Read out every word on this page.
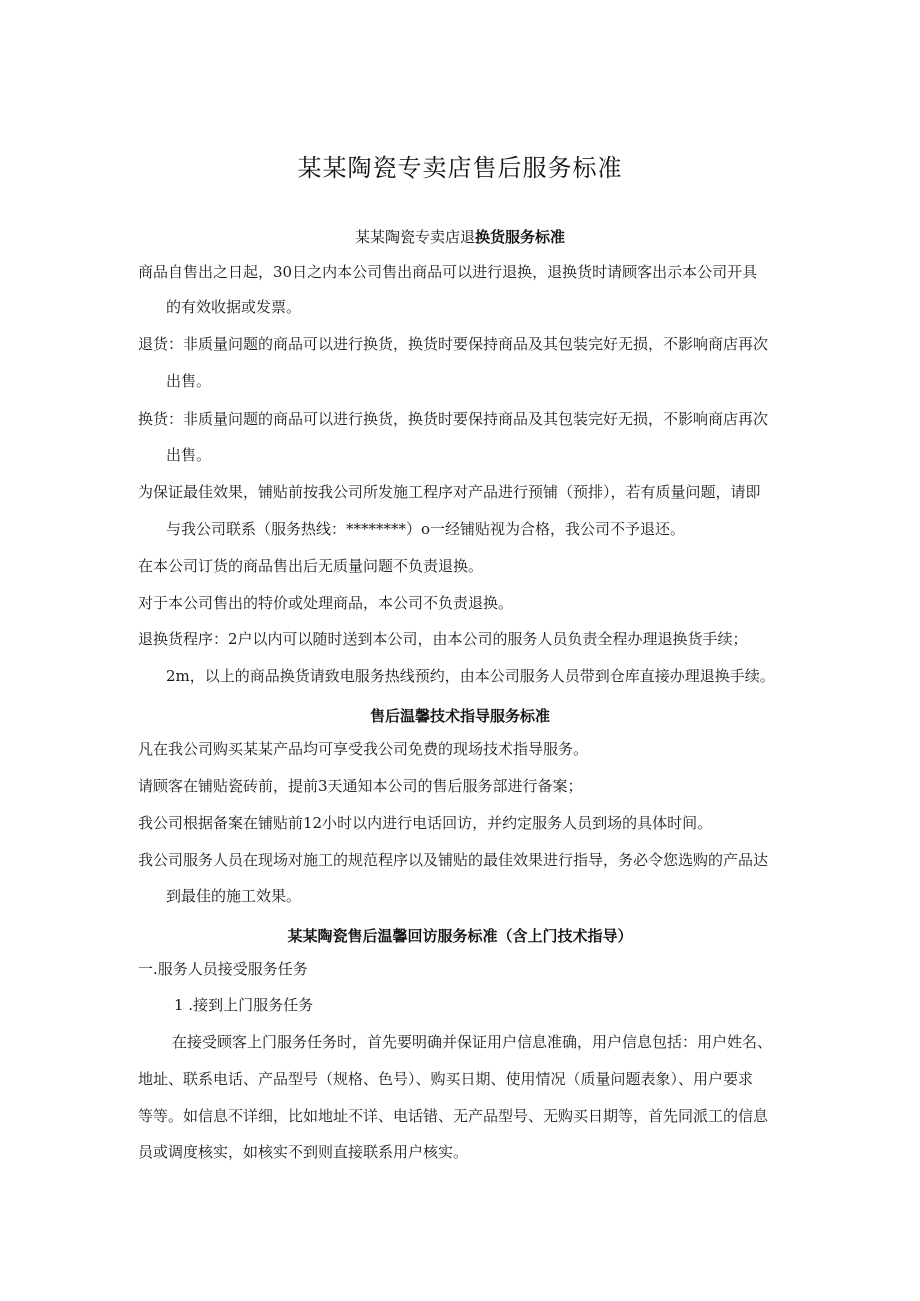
某某陶瓷专卖店售后服务标准
某某陶瓷专卖店退换货服务标准
商品自售出之日起，30日之内本公司售出商品可以进行退换，退换货时请顾客出示本公司开具
的有效收据或发票。
退货：非质量问题的商品可以进行换货，换货时要保持商品及其包装完好无损，不影响商店再次
出售。
换货：非质量问题的商品可以进行换货，换货时要保持商品及其包装完好无损，不影响商店再次
出售。
为保证最佳效果，铺贴前按我公司所发施工程序对产品进行预铺（预排），若有质量问题，请即
与我公司联系（服务热线：********）o一经铺贴视为合格，我公司不予退还。
在本公司订货的商品售出后无质量问题不负责退换。
对于本公司售出的特价或处理商品，本公司不负责退换。
退换货程序：2户以内可以随时送到本公司，由本公司的服务人员负责全程办理退换货手续；
2m，以上的商品换货请致电服务热线预约，由本公司服务人员带到仓库直接办理退换手续。
售后温馨技术指导服务标准
凡在我公司购买某某产品均可享受我公司免费的现场技术指导服务。
请顾客在铺贴瓷砖前，提前3天通知本公司的售后服务部进行备案；
我公司根据备案在铺贴前12小时以内进行电话回访，并约定服务人员到场的具体时间。
我公司服务人员在现场对施工的规范程序以及铺贴的最佳效果进行指导，务必令您选购的产品达
到最佳的施工效果。
某某陶瓷售后温馨回访服务标准（含上门技术指导）
一.服务人员接受服务任务
1 .接到上门服务任务
在接受顾客上门服务任务时，首先要明确并保证用户信息准确，用户信息包括：用户姓名、
地址、联系电话、产品型号（规格、色号）、购买日期、使用情况（质量问题表象）、用户要求
等等。如信息不详细，比如地址不详、电话错、无产品型号、无购买日期等，首先同派工的信息
员或调度核实，如核实不到则直接联系用户核实。
